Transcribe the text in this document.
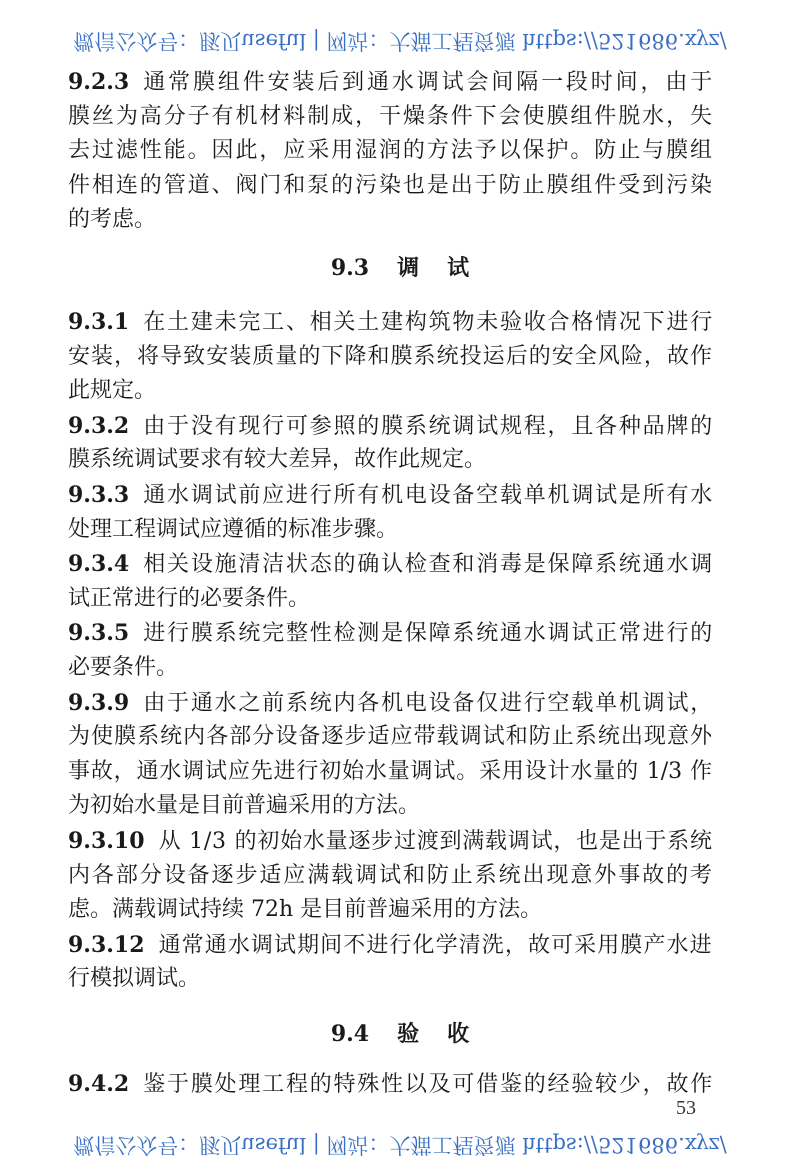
微信公众号：豚贝useful | 网站：大猫工程资源 https://521686.xyz/
9.2.3 通常膜组件安装后到通水调试会间隔一段时间，由于
膜丝为高分子有机材料制成，干燥条件下会使膜组件脱水，失
去过滤性能。因此，应采用湿润的方法予以保护。防止与膜组
件相连的管道、阀门和泵的污染也是出于防止膜组件受到污染
的考虑。
9.3 调 试
9.3.1 在土建未完工、相关土建构筑物未验收合格情况下进行
安装，将导致安装质量的下降和膜系统投运后的安全风险，故作
此规定。
9.3.2 由于没有现行可参照的膜系统调试规程，且各种品牌的
膜系统调试要求有较大差异，故作此规定。
9.3.3 通水调试前应进行所有机电设备空载单机调试是所有水
处理工程调试应遵循的标准步骤。
9.3.4 相关设施清洁状态的确认检查和消毒是保障系统通水调
试正常进行的必要条件。
9.3.5 进行膜系统完整性检测是保障系统通水调试正常进行的
必要条件。
9.3.9 由于通水之前系统内各机电设备仅进行空载单机调试，
为使膜系统内各部分设备逐步适应带载调试和防止系统出现意外
事故，通水调试应先进行初始水量调试。采用设计水量的 1/3 作
为初始水量是目前普遍采用的方法。
9.3.10 从 1/3 的初始水量逐步过渡到满载调试，也是出于系统
内各部分设备逐步适应满载调试和防止系统出现意外事故的考
虑。满载调试持续 72h 是目前普遍采用的方法。
9.3.12 通常通水调试期间不进行化学清洗，故可采用膜产水进
行模拟调试。
9.4 验 收
9.4.2 鉴于膜处理工程的特殊性以及可借鉴的经验较少，故作
53
微信公众号：豚贝useful | 网站：大猫工程资源 https://521686.xyz/
